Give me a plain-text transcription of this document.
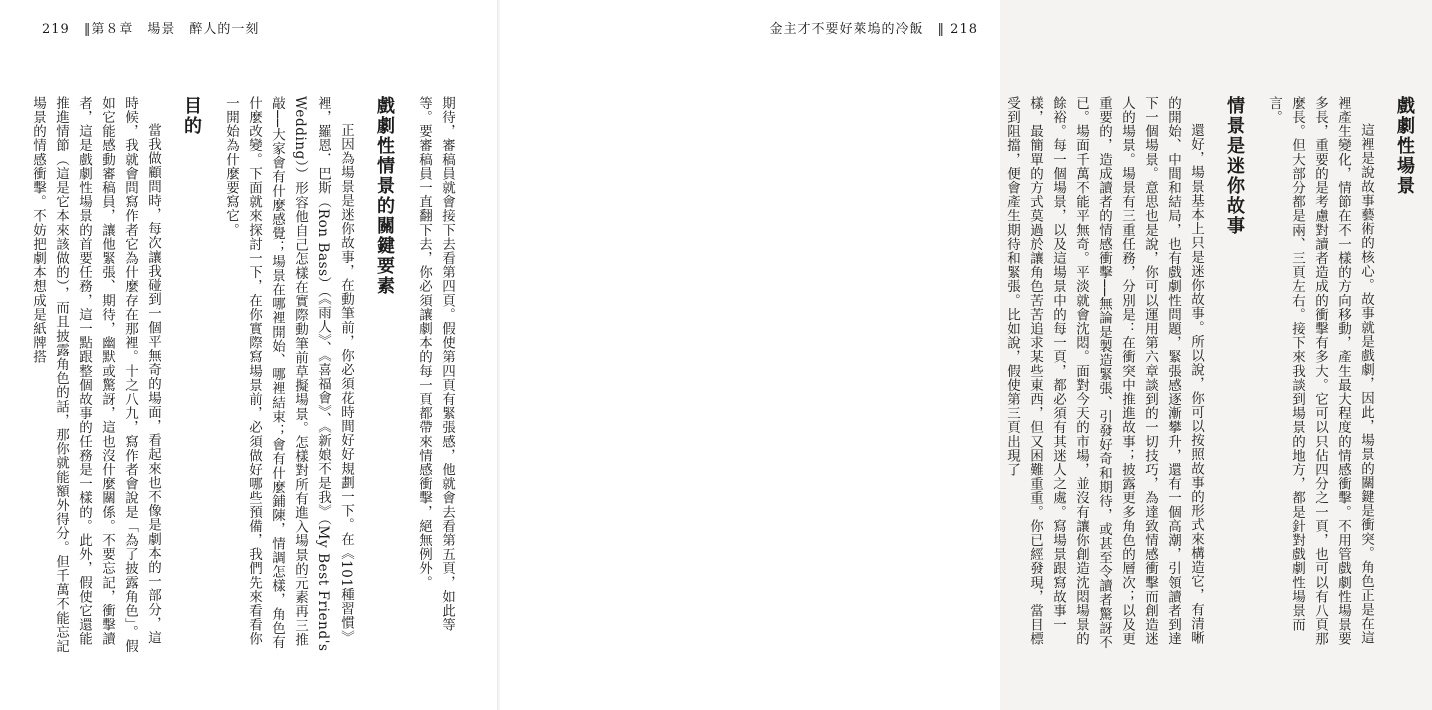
219 ‖第８章　場景 醉人的一刻

期待，審稿員就會接下去看第四頁。假使第四頁有緊張感，他就會去看第五頁，如此等等。要審稿員一直翻下去，你必須讓劇本的每一頁都帶來情感衝擊，絕無例外。

戲劇性情景的關鍵要素

正因為場景是迷你故事，在動筆前，你必須花時間好好規劃一下。在《101種習慣》裡，羅恩．巴斯（Ron Bass）（《雨人》、《喜福會》、《新娘不是我》（My Best Friend's Wedding））形容他自己怎樣在實際動筆前草擬場景。怎樣對所有進入場景的元素再三推敲──大家會有什麼感覺；場景在哪裡開始、哪裡結束；會有什麼鋪陳，情調怎樣，角色有什麼改變。下面就來探討一下，在你實際寫場景前，必須做好哪些預備，我們先來看看你一開始為什麼要寫它。

目的

當我做顧問時，每次讓我碰到一個平無奇的場面，看起來也不像是劇本的一部分，這時候，我就會問寫作者它為什麼存在那裡。十之八九，寫作者會說是「為了披露角色」。假如它能感動審稿員，讓他緊張、期待，幽默或驚訝，這也沒什麼關係。不要忘記，衝擊讀者，這是戲劇性場景的首要任務，這一點跟整個故事的任務是一樣的。此外，假使它還能推進情節（這是它本來該做的），而且披露角色的話，那你就能額外得分。但千萬不能忘記場景的情感衝擊。不妨把劇本想成是紙牌搭

金主才不要好萊塢的冷飯 ‖ 218
戲劇性場景

這裡是說故事藝術的核心。故事就是戲劇，因此，場景的關鍵是衝突。角色正是在這裡產生變化，情節在不一樣的方向移動，產生最大程度的情感衝擊。不用管戲劇性場景要多長，重要的是考慮對讀者造成的衝擊有多大。它可以只佔四分之一頁，也可以有八頁那麼長。但大部分都是兩、三頁左右。接下來我談到場景的地方，都是針對戲劇性場景而言。

情景是迷你故事

還好，場景基本上只是迷你故事。所以說，你可以按照故事的形式來構造它，有清晰的開始、中間和結局，也有戲劇性問題，緊張感逐漸攀升，還有一個高潮，引領讀者到達下一個場景。意思也是說，你可以運用第六章談到的一切技巧，為達致情感衝擊而創造迷人的場景。場景有三重任務，分別是：在衝突中推進故事；披露更多角色的層次；以及更重要的，造成讀者的情感衝擊──無論是製造緊張、引發好奇和期待，或甚至令讀者驚訝不已。場面千萬不能平無奇。平淡就會沈悶。面對今天的市場，並沒有讓你創造沈悶場景的餘裕。每一個場景，以及這場景中的每一頁，都必須有其迷人之處。寫場景跟寫故事一樣，最簡單的方式莫過於讓角色苦苦追求某些東西，但又困難重重。你已經發現，當目標受到阻擋，便會產生期待和緊張。比如說，假使第三頁出現了
